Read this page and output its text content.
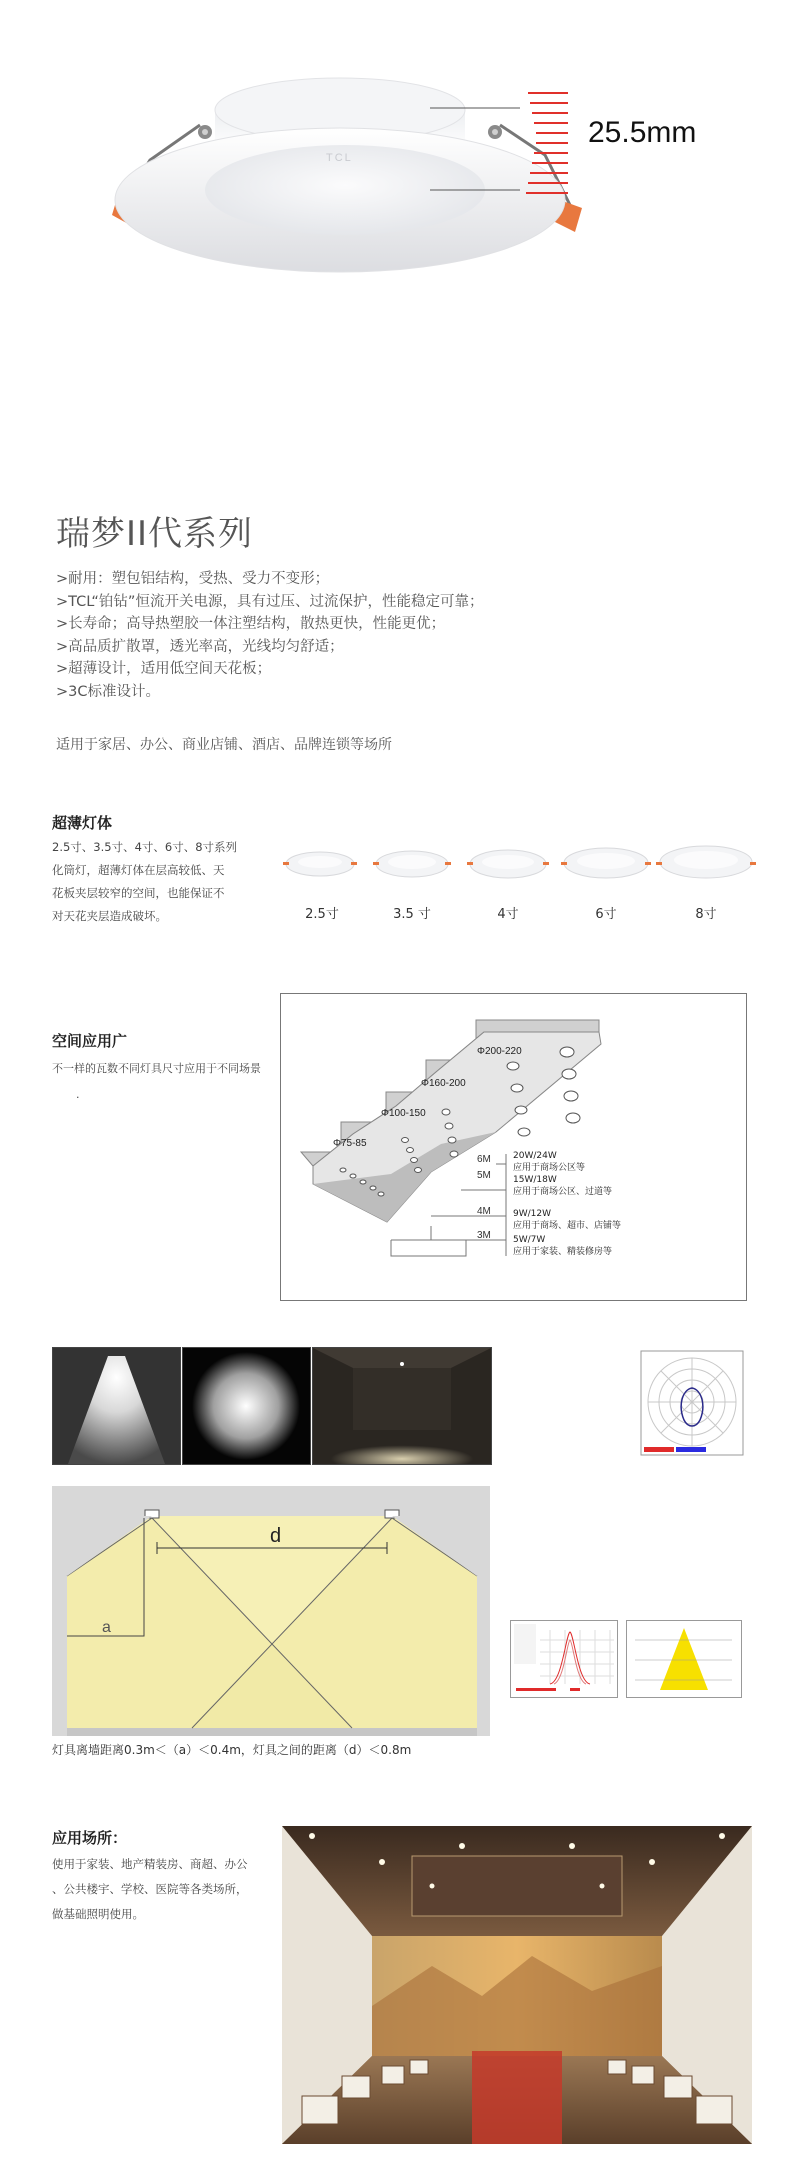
TCL
25.5mm
瑞梦II代系列
>耐用：塑包铝结构，受热、受力不变形；
>TCL“铂钻”恒流开关电源，具有过压、过流保护，性能稳定可靠；
>长寿命；高导热塑胶一体注塑结构，散热更快，性能更优；
>高品质扩散罩，透光率高，光线均匀舒适；
>超薄设计，适用低空间天花板；
>3C标准设计。
适用于家居、办公、商业店铺、酒店、品牌连锁等场所
超薄灯体
2.5寸、3.5寸、4寸、6寸、8寸系列
化筒灯，超薄灯体在层高较低、天
花板夹层较窄的空间，也能保证不
对天花夹层造成破坏。	2.5寸	3.5 寸	4寸	6寸	8寸
空间应用广
不一样的瓦数不同灯具尺寸应用于不同场景
.
Φ75-85
Φ100-150
Φ160-200
Φ200-220
6M
5M
4M
3M
20W/24W
应用于商场公区等
15W/18W
应用于商场公区、过道等
9W/12W
应用于商场、超市、店铺等
5W/7W
应用于家装、精装修房等
d
a
灯具离墙距离0.3m＜（a）＜0.4m，灯具之间的距离（d）＜0.8m
应用场所：
使用于家装、地产精装房、商超、办公
、公共楼宇、学校、医院等各类场所，
做基础照明使用。
